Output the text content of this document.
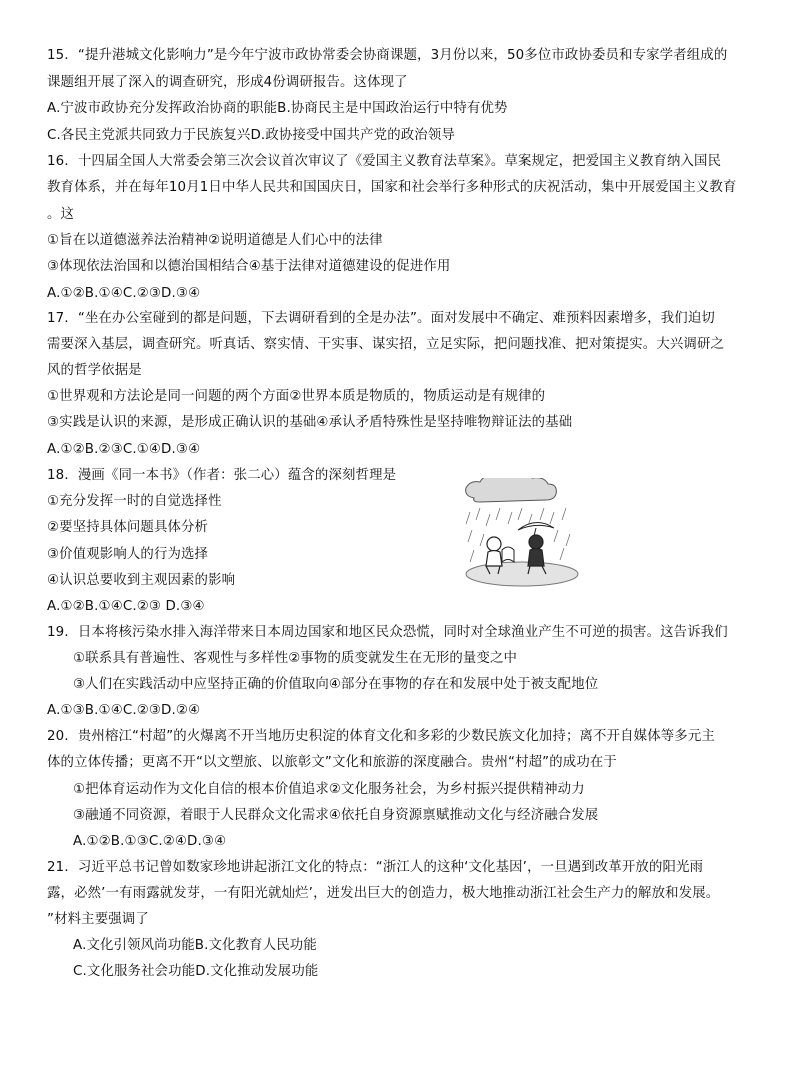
15．“提升港城文化影响力”是今年宁波市政协常委会协商课题，3月份以来，50多位市政协委员和专家学者组成的
课题组开展了深入的调查研究，形成4份调研报告。这体现了
A.宁波市政协充分发挥政治协商的职能B.协商民主是中国政治运行中特有优势
C.各民主党派共同致力于民族复兴D.政协接受中国共产党的政治领导
16．十四届全国人大常委会第三次会议首次审议了《爱国主义教育法草案》。草案规定，把爱国主义教育纳入国民
教育体系，并在每年10月1日中华人民共和国国庆日，国家和社会举行多种形式的庆祝活动，集中开展爱国主义教育
。这
①旨在以道德滋养法治精神②说明道德是人们心中的法律
③体现依法治国和以德治国相结合④基于法律对道德建设的促进作用
A.①②B.①④C.②③D.③④
17．“坐在办公室碰到的都是问题，下去调研看到的全是办法”。面对发展中不确定、难预料因素增多，我们迫切
需要深入基层，调查研究。听真话、察实情、干实事、谋实招，立足实际，把问题找准、把对策提实。大兴调研之
风的哲学依据是
①世界观和方法论是同一问题的两个方面②世界本质是物质的，物质运动是有规律的
③实践是认识的来源，是形成正确认识的基础④承认矛盾特殊性是坚持唯物辩证法的基础
A.①②B.②③C.①④D.③④
18．漫画《同一本书》（作者：张二心）蕴含的深刻哲理是
①充分发挥一时的自觉选择性
②要坚持具体问题具体分析
③价值观影响人的行为选择
④认识总要收到主观因素的影响
A.①②B.①④C.②③ D.③④
19．日本将核污染水排入海洋带来日本周边国家和地区民众恐慌，同时对全球渔业产生不可逆的损害。这告诉我们
①联系具有普遍性、客观性与多样性②事物的质变就发生在无形的量变之中
③人们在实践活动中应坚持正确的价值取向④部分在事物的存在和发展中处于被支配地位
A.①③B.①④C.②③D.②④
20．贵州榕江“村超”的火爆离不开当地历史积淀的体育文化和多彩的少数民族文化加持；离不开自媒体等多元主
体的立体传播；更离不开“以文塑旅、以旅彰文”文化和旅游的深度融合。贵州“村超”的成功在于
①把体育运动作为文化自信的根本价值追求②文化服务社会，为乡村振兴提供精神动力
③融通不同资源，着眼于人民群众文化需求④依托自身资源禀赋推动文化与经济融合发展
A.①②B.①③C.②④D.③④
21．习近平总书记曾如数家珍地讲起浙江文化的特点：“浙江人的这种‘文化基因’，一旦遇到改革开放的阳光雨
露，必然’一有雨露就发芽，一有阳光就灿烂’，迸发出巨大的创造力，极大地推动浙江社会生产力的解放和发展。
”材料主要强调了
A.文化引领风尚功能B.文化教育人民功能
C.文化服务社会功能D.文化推动发展功能
